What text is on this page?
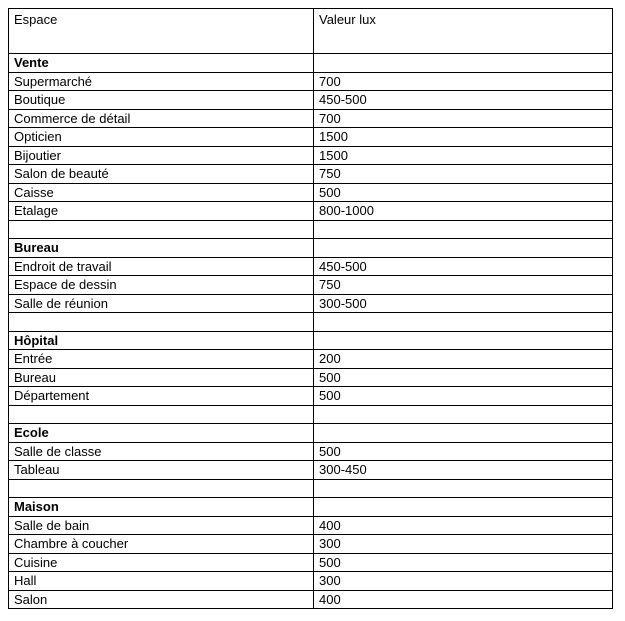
Espace	Valeur lux
Vente	
Supermarché	700
Boutique	450-500
Commerce de détail	700
Opticien	1500
Bijoutier	1500
Salon de beauté	750
Caisse	500
Etalage	800-1000

Bureau	
Endroit de travail	450-500
Espace de dessin	750
Salle de réunion	300-500

Hôpital	
Entrée	200
Bureau	500
Département	500

Ecole	
Salle de classe	500
Tableau	300-450

Maison	
Salle de bain	400
Chambre à coucher	300
Cuisine	500
Hall	300
Salon	400
